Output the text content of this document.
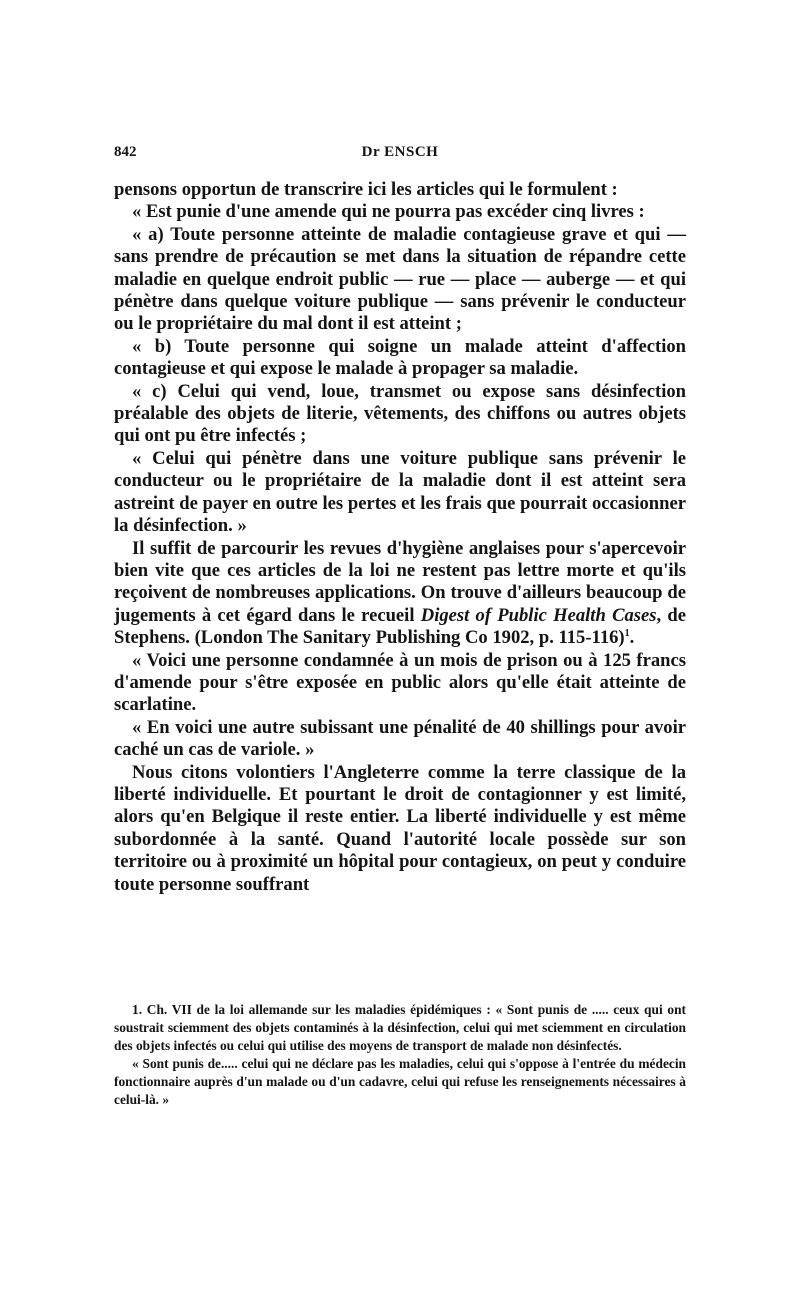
842	Dr ENSCH

pensons opportun de transcrire ici les articles qui le formulent :

« Est punie d'une amende qui ne pourra pas excéder cinq livres :

« a) Toute personne atteinte de maladie contagieuse grave et qui — sans prendre de précaution se met dans la situation de répandre cette maladie en quelque endroit public — rue — place — auberge — et qui pénètre dans quelque voiture publique — sans prévenir le conducteur ou le propriétaire du mal dont il est atteint ;

« b) Toute personne qui soigne un malade atteint d'affection contagieuse et qui expose le malade à propager sa maladie.

« c) Celui qui vend, loue, transmet ou expose sans désinfection préalable des objets de literie, vêtements, des chiffons ou autres objets qui ont pu être infectés ;

« Celui qui pénètre dans une voiture publique sans prévenir le conducteur ou le propriétaire de la maladie dont il est atteint sera astreint de payer en outre les pertes et les frais que pourrait occasionner la désinfection. »

Il suffit de parcourir les revues d'hygiène anglaises pour s'apercevoir bien vite que ces articles de la loi ne restent pas lettre morte et qu'ils reçoivent de nombreuses applications. On trouve d'ailleurs beaucoup de jugements à cet égard dans le recueil Digest of Public Health Cases, de Stephens. (London The Sanitary Publishing Co 1902, p. 115-116)$^1$.

« Voici une personne condamnée à un mois de prison ou à 125 francs d'amende pour s'être exposée en public alors qu'elle était atteinte de scarlatine.

« En voici une autre subissant une pénalité de 40 shillings pour avoir caché un cas de variole. »

Nous citons volontiers l'Angleterre comme la terre classique de la liberté individuelle. Et pourtant le droit de contagionner y est limité, alors qu'en Belgique il reste entier. La liberté individuelle y est même subordonnée à la santé. Quand l'autorité locale possède sur son territoire ou à proximité un hôpital pour contagieux, on peut y conduire toute personne souffrant

1. Ch. VII de la loi allemande sur les maladies épidémiques : « Sont punis de ..... ceux qui ont soustrait sciemment des objets contaminés à la désinfection, celui qui met sciemment en circulation des objets infectés ou celui qui utilise des moyens de transport de malade non désinfectés.

« Sont punis de..... celui qui ne déclare pas les maladies, celui qui s'oppose à l'entrée du médecin fonctionnaire auprès d'un malade ou d'un cadavre, celui qui refuse les renseignements nécessaires à celui-là. »
